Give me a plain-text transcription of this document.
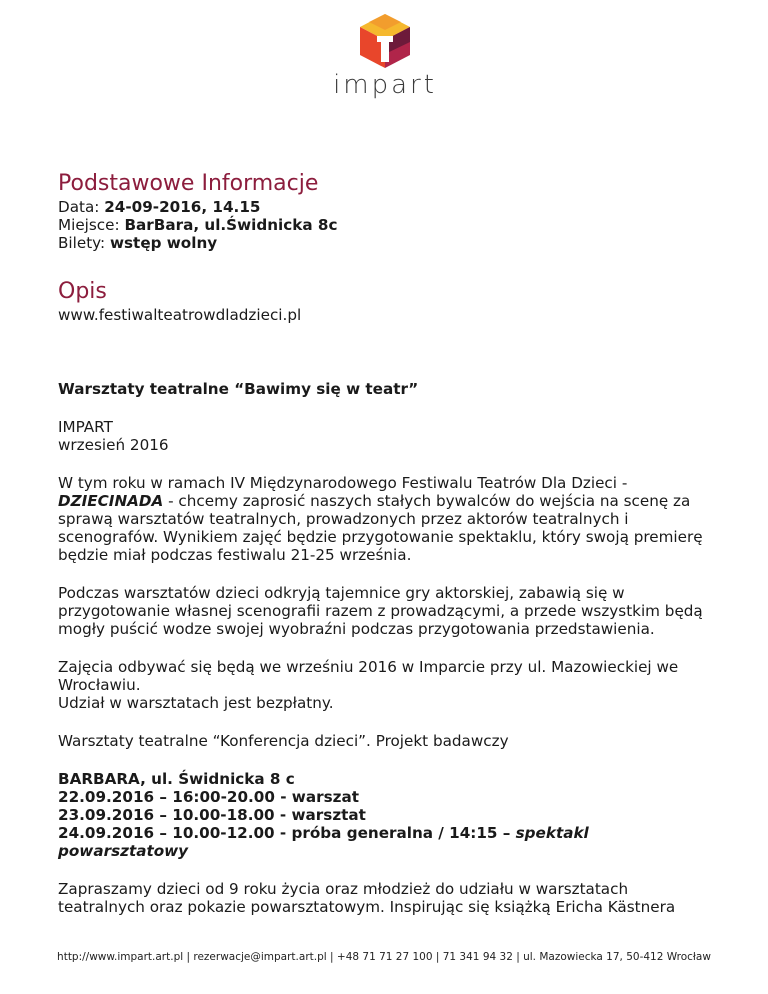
impart
Podstawowe Informacje

Data: 24-09-2016, 14.15

Miejsce: BarBara, ul.Świdnicka 8c

Bilety: wstęp wolny

Opis

www.festiwalteatrowdladzieci.pl

Warsztaty teatralne “Bawimy się w teatr”

IMPART

wrzesień 2016

W tym roku w ramach IV Międzynarodowego Festiwalu Teatrów Dla Dzieci -
DZIECINADA - chcemy zaprosić naszych stałych bywalców do wejścia na scenę za sprawą warsztatów teatralnych, prowadzonych przez aktorów teatralnych i scenografów. Wynikiem zajęć będzie przygotowanie spektaklu, który swoją premierę będzie miał podczas festiwalu 21-25 września.

Podczas warsztatów dzieci odkryją tajemnice gry aktorskiej, zabawią się w przygotowanie własnej scenografii razem z prowadzącymi, a przede wszystkim będą mogły puścić wodze swojej wyobraźni podczas przygotowania przedstawienia.

Zajęcia odbywać się będą we wrześniu 2016 w Imparcie przy ul. Mazowieckiej we Wrocławiu.
Udział w warsztatach jest bezpłatny.

Warsztaty teatralne “Konferencja dzieci”. Projekt badawczy

BARBARA, ul. Świdnicka 8 c
22.09.2016 – 16:00-20.00 - warszat
23.09.2016 – 10.00-18.00 - warsztat
24.09.2016 – 10.00-12.00 - próba generalna / 14:15 – spektakl powarsztatowy

Zapraszamy dzieci od 9 roku życia oraz młodzież do udziału w warsztatach teatralnych oraz pokazie powarsztatowym. Inspirując się książką Ericha Kästnera

http://www.impart.art.pl | rezerwacje@impart.art.pl | +48 71 71 27 100 | 71 341 94 32 | ul. Mazowiecka 17, 50-412 Wrocław
